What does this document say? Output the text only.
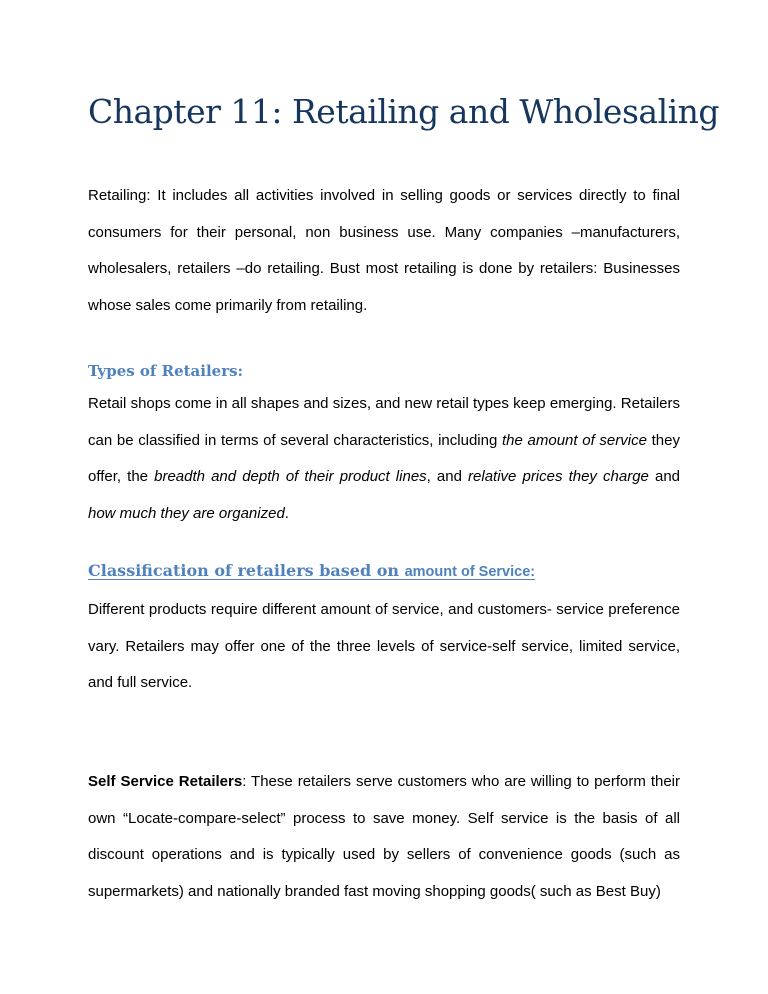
Chapter 11: Retailing and Wholesaling

Retailing: It includes all activities involved in selling goods or services directly to final consumers for their personal, non business use. Many companies –manufacturers, wholesalers, retailers –do retailing. Bust most retailing is done by retailers: Businesses whose sales come primarily from retailing.

Types of Retailers:

Retail shops come in all shapes and sizes, and new retail types keep emerging. Retailers can be classified in terms of several characteristics, including the amount of service they offer, the breadth and depth of their product lines, and relative prices they charge and how much they are organized.

Classification of retailers based on amount of Service:

Different products require different amount of service, and customers- service preference vary. Retailers may offer one of the three levels of service-self service, limited service, and full service.

Self Service Retailers: These retailers serve customers who are willing to perform their own “Locate-compare-select” process to save money. Self service is the basis of all discount operations and is typically used by sellers of convenience goods (such as supermarkets) and nationally branded fast moving shopping goods( such as Best Buy)
